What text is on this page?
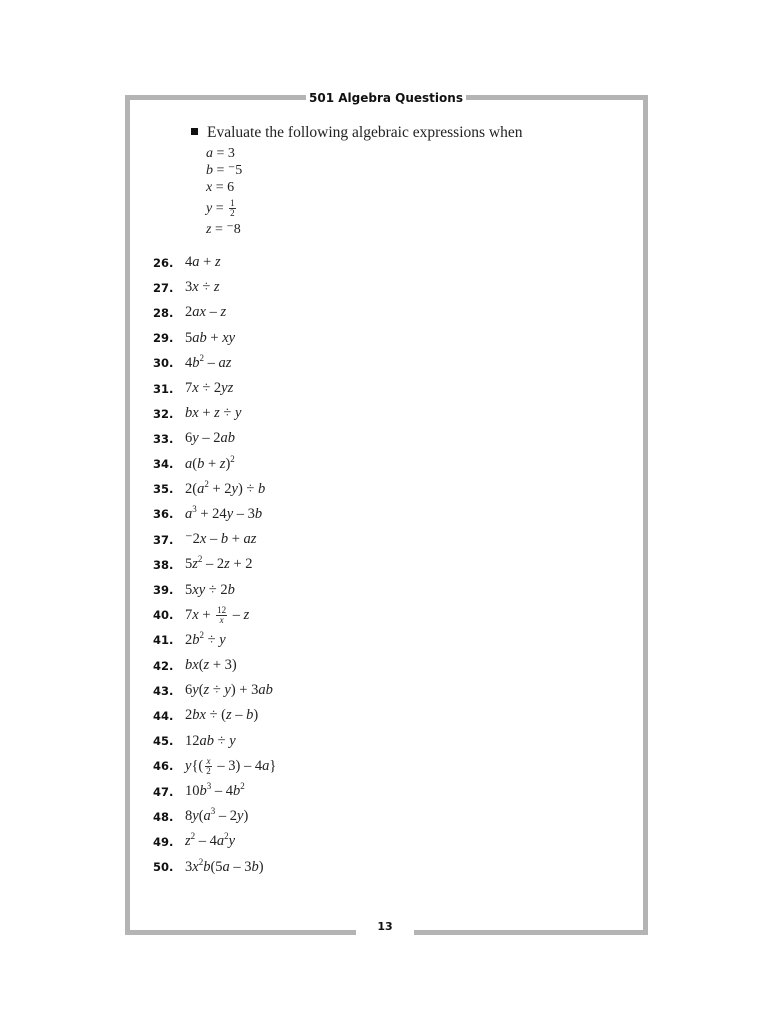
501 Algebra Questions
Evaluate the following algebraic expressions when
a = 3
b = ⁻5
x = 6
$y = \frac{1}{2}$
z = ⁻8
26. 4a + z
27. 3x ÷ z
28. 2ax – z
29. 5ab + xy
30. $4b^2$ – az
31. 7x ÷ 2yz
32. bx + z ÷ y
33. 6y – 2ab
34. $a(b + z)^2$
35. $2(a^2 + 2y) \div b$
36. $a^3 + 24y - 3b$
37. ⁻2x – b + az
38. $5z^2 - 2z + 2$
39. 5xy ÷ 2b
40. $7x + \frac{12}{x} - z$
41. $2b^2 \div y$
42. bx(z + 3)
43. 6y(z ÷ y) + 3ab
44. 2bx ÷ (z – b)
45. 12ab ÷ y
46. $y\{( \frac{x}{2} - 3) - 4a\}$
47. $10b^3 - 4b^2$
48. $8y(a^3 - 2y)$
49. $z^2 - 4a^2y$
50. $3x^2b(5a - 3b)$
13
